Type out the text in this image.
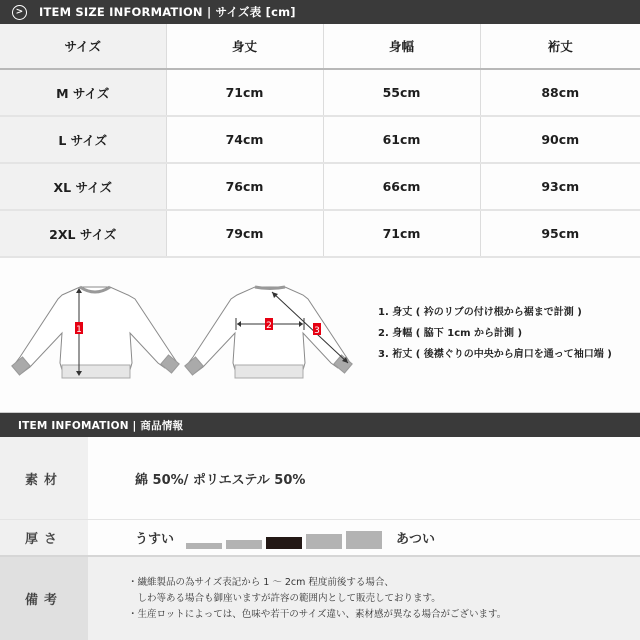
>	ITEM SIZE INFORMATION | サイズ表 [cm]
サイズ	身丈	身幅	裄丈
M サイズ	71cm	55cm	88cm
L サイズ	74cm	61cm	90cm
XL サイズ	76cm	66cm	93cm
2XL サイズ	79cm	71cm	95cm
1	2	3
1. 身丈 ( 衿のリブの付け根から裾まで計測 )
2. 身幅 ( 脇下 1cm から計測 )
3. 裄丈 ( 後襟ぐりの中央から肩口を通って袖口端 )
ITEM INFOMATION | 商品情報
素材	綿 50%/ ポリエステル 50%
厚さ	うすい	あつい
備考
・繊維製品の為サイズ表記から 1 ～ 2cm 程度前後する場合、
　しわ等ある場合も御座いますが許容の範囲内として販売しております。
・生産ロットによっては、色味や若干のサイズ違い、素材感が異なる場合がございます。
